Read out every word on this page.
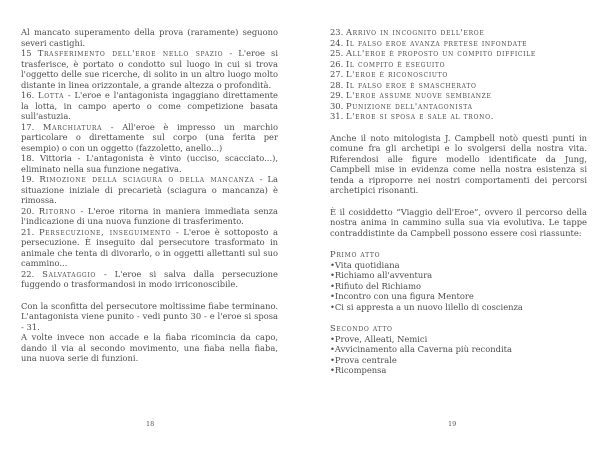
Al mancato superamento della prova (raramente) seguono severi castighi.

15 Trasferimento dell'eroe nello spazio - L'eroe si trasferisce, è portato o condotto sul luogo in cui si trova l'oggetto delle sue ricerche, di solito in un altro luogo molto distante in linea orizzontale, a grande altezza o profondità.

16. Lotta - L'eroe e l'antagonista ingaggiano direttamente la lotta, in campo aperto o come competizione basata sull'astuzia.

17. Marchiatura - All'eroe è impresso un marchio particolare o direttamente sul corpo (una ferita per esempio) o con un oggetto (fazzoletto, anello...)

18. Vittoria - L'antagonista è vinto (ucciso, scacciato...), eliminato nella sua funzione negativa.

19. Rimozione della sciagura o della mancanza - La situazione iniziale di precarietà (sciagura o mancanza) è rimossa.

20. Ritorno - L'eroe ritorna in maniera immediata senza l'indicazione di una nuova funzione di trasferimento.

21. Persecuzione, inseguimento - L'eroe è sottoposto a persecuzione. È inseguito dal persecutore trasformato in animale che tenta di divorarlo, o in oggetti allettanti sul suo cammino...

22. Salvataggio - L'eroe si salva dalla persecuzione fuggendo o trasformandosi in modo irriconoscibile.

Con la sconfitta del persecutore moltissime fiabe terminano. L'antagonista viene punito - vedi punto 30 - e l'eroe si sposa - 31.

A volte invece non accade e la fiaba ricomincia da capo, dando il via al secondo movimento, una fiaba nella fiaba, una nuova serie di funzioni.

18

23. Arrivo in incognito dell'eroe

24. Il falso eroe avanza pretese infondate

25. All'eroe è proposto un compito difficile

26. Il compito è eseguito

27. L'eroe è riconosciuto

28. Il falso eroe è smascherato

29. L'eroe assume nuove sembianze

30. Punizione dell'antagonista

31. L'eroe si sposa e sale al trono.

Anche il noto mitologista J. Campbell notò questi punti in comune fra gli archetipi e lo svolgersi della nostra vita. Riferendosi alle figure modello identificate da Jung, Campbell mise in evidenza come nella nostra esistenza si tenda a riproporre nei nostri comportamenti dei percorsi archetipici risonanti.

È il cosiddetto “Viaggio dell'Eroe”, ovvero il percorso della nostra anima in cammino sulla sua via evolutiva. Le tappe contraddistinte da Campbell possono essere così riassunte:

Primo atto

• Vita quotidiana
• Richiamo all'avventura
• Rifiuto del Richiamo
• Incontro con una figura Mentore
• Ci si appresta a un nuovo lilello di coscienza

Secondo atto

• Prove, Alleati, Nemici
• Avvicinamento alla Caverna più recondita
• Prova centrale
• Ricompensa
19
